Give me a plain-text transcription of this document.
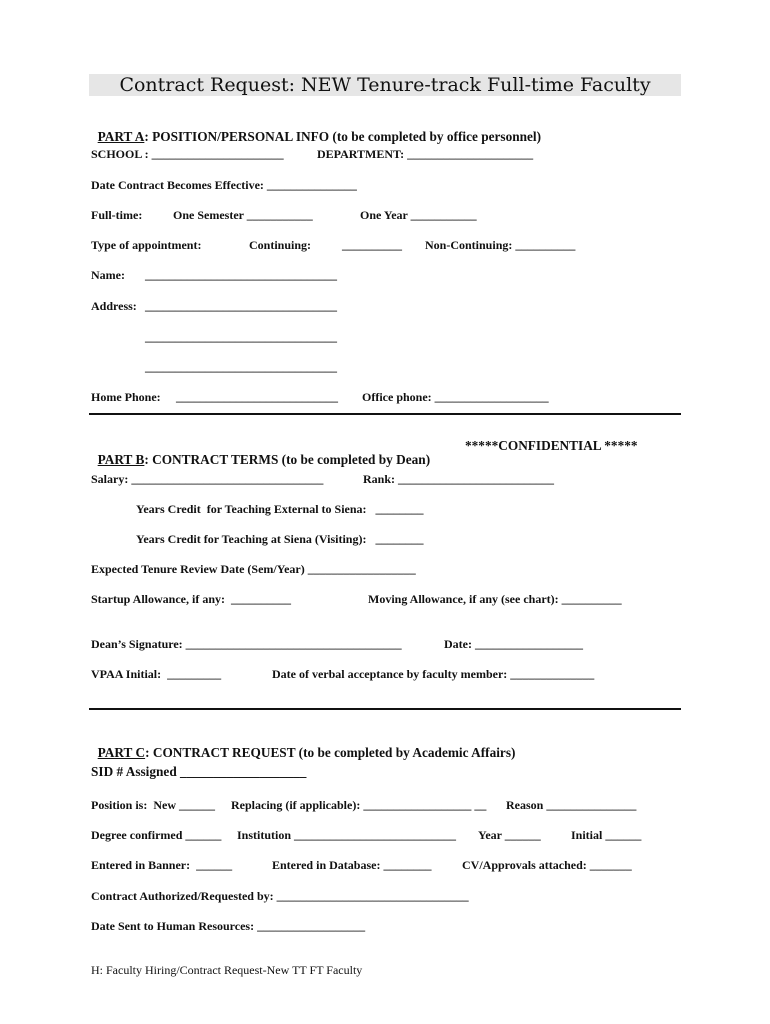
Contract Request: NEW Tenure-track Full-time Faculty

PART A: POSITION/PERSONAL INFO (to be completed by office personnel)

SCHOOL : ______________________	DEPARTMENT: _____________________
Date Contract Becomes Effective: _______________
Full-time:	One Semester ___________	One Year ___________
Type of appointment:	Continuing:	__________ Non-Continuing: __________
Name: ________________________________
Address: ________________________________
________________________________
________________________________
Home Phone: ___________________________ Office phone: ___________________

PART B: CONTRACT TERMS (to be completed by Dean)

*****CONFIDENTIAL *****
Salary: ________________________________	Rank: __________________________
Years Credit  for Teaching External to Siena:   ________
Years Credit for Teaching at Siena (Visiting):   ________
Expected Tenure Review Date (Sem/Year) __________________
Startup Allowance, if any:  __________	Moving Allowance, if any (see chart): __________
Dean’s Signature: ____________________________________	Date: __________________
VPAA Initial:  _________	Date of verbal acceptance by faculty member: ______________

PART C: CONTRACT REQUEST (to be completed by Academic Affairs)

SID # Assigned ___________________
Position is:  New ______ Replacing (if applicable): __________________ __ Reason _______________
Degree confirmed ______ Institution ___________________________ Year ______	Initial ______
Entered in Banner:  ______	Entered in Database: ________	CV/Approvals attached: _______
Contract Authorized/Requested by: ________________________________
Date Sent to Human Resources: __________________
H: Faculty Hiring/Contract Request-New TT FT Faculty
